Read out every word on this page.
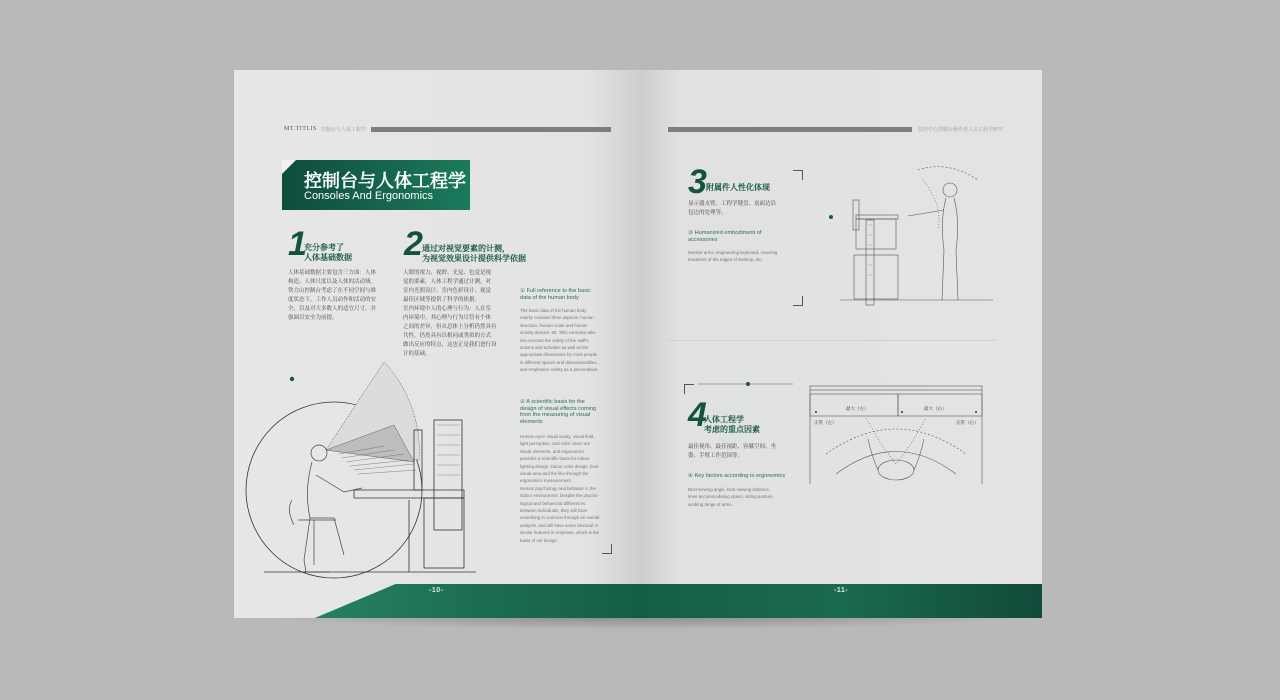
MT.TITLIS 控制台与人体工程学
控制台与人体工程学
Consoles And Ergonomics
1
充分参考了
人体基础数据
人体基础数据主要包含三方面：人体
构造、人体尺度以及人体的活动域。
铁力山控制台考虑了在不同空间与维
度状态下，工作人员动作和活动的安
全，以及对大多数人的适宜尺寸，并
强调以安全为前提。
2 通过对视觉要素的计测，
为视觉效果设计提供科学依据
人眼的视力、视野、光觉、色觉是视
觉的要素，人体工程学通过计测，对
室内光照设计、室内色彩设计、视觉
最佳区域等提供了科学的依据。
室内环境中人的心理与行为：人在室
内环境中，其心理与行为尽管有个体
之间的差异，但从总体上分析仍然具有
共性，仍然具有以相同或类似的方式
做出反应的特点，这也正是我们进行设
计的基础。
① Full reference to the basic
data of the human body
The basic data of the human body
mainly contains three aspects: human
structure, human scale and human
activity domain. Mt. Titlis consoles take
into account the safety of the staff's
actions and activities as well as the
appropriate dimensions for most people
in different spaces and dimensionalities,
and emphasize safety as a precondition.
② A scientific basis for the
design of visual effects coming
from the measuring of visual
elements
Human eyes' visual acuity, visual field,
light perception, and color vision are
visual elements, and ergonomics
provides a scientific basis for indoor
lighting design, indoor color design, best
visual area and the like through the
ergonomics measurement.
Human psychology and behavior in the
indoor environment: Despite the psycho-
logical and behavioral differences
between individuals, they still have
something in common through an overall
analysis, and still have some identical or
similar features in response, which is the
basis of our design.
-10-
监控中心控制台操作者人员工程学研究
3 附属件人性化体现
显示器支臂、工程学键盘、桌面边沿
包边的处理等。
③ Humanized embodiment of
accessories
Monitor arms, engineering keyboard, covering
treatment of the edges of desktop, etc.
4
人体工程学
考虑的重点因素
最佳视角、最佳视距、容膝空间、坐
姿、手臂工作范围等。
④ Key factors according to ergonomics
Best viewing angle, best viewing distance,
knee accommodating space, sitting posture,
working range of arms.
最大（左）	最大（右）
正常（左）	正常（右）
-11-
